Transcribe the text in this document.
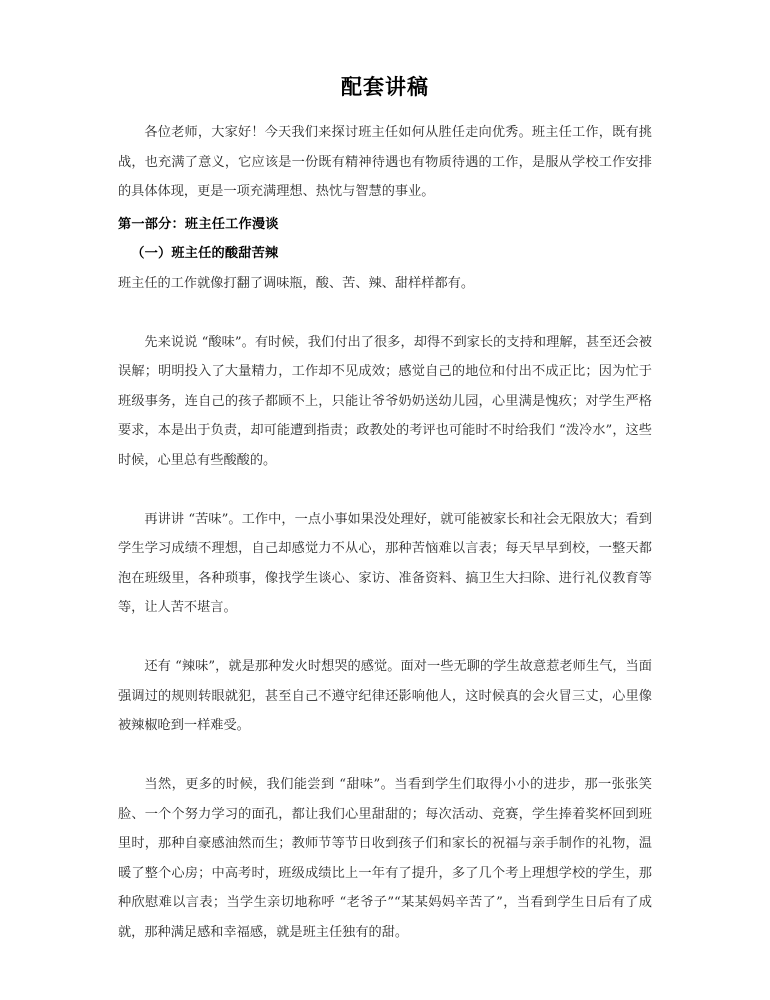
配套讲稿

各位老师，大家好！今天我们来探讨班主任如何从胜任走向优秀。班主任工作，既有挑战，也充满了意义，它应该是一份既有精神待遇也有物质待遇的工作，是服从学校工作安排的具体体现，更是一项充满理想、热忱与智慧的事业。

第一部分：班主任工作漫谈

（一）班主任的酸甜苦辣

班主任的工作就像打翻了调味瓶，酸、苦、辣、甜样样都有。

先来说说 “酸味”。有时候，我们付出了很多，却得不到家长的支持和理解，甚至还会被误解；明明投入了大量精力，工作却不见成效；感觉自己的地位和付出不成正比；因为忙于班级事务，连自己的孩子都顾不上，只能让爷爷奶奶送幼儿园，心里满是愧疚；对学生严格要求，本是出于负责，却可能遭到指责；政教处的考评也可能时不时给我们 “泼冷水”，这些时候，心里总有些酸酸的。

再讲讲 “苦味”。工作中，一点小事如果没处理好，就可能被家长和社会无限放大；看到学生学习成绩不理想，自己却感觉力不从心，那种苦恼难以言表；每天早早到校，一整天都泡在班级里，各种琐事，像找学生谈心、家访、准备资料、搞卫生大扫除、进行礼仪教育等等，让人苦不堪言。

还有 “辣味”，就是那种发火时想哭的感觉。面对一些无聊的学生故意惹老师生气，当面强调过的规则转眼就犯，甚至自己不遵守纪律还影响他人，这时候真的会火冒三丈，心里像被辣椒呛到一样难受。

当然，更多的时候，我们能尝到 “甜味”。当看到学生们取得小小的进步，那一张张笑脸、一个个努力学习的面孔，都让我们心里甜甜的；每次活动、竞赛，学生捧着奖杯回到班里时，那种自豪感油然而生；教师节等节日收到孩子们和家长的祝福与亲手制作的礼物，温暖了整个心房；中高考时，班级成绩比上一年有了提升，多了几个考上理想学校的学生，那种欣慰难以言表；当学生亲切地称呼 “老爷子”“某某妈妈辛苦了”，当看到学生日后有了成就，那种满足感和幸福感，就是班主任独有的甜。
